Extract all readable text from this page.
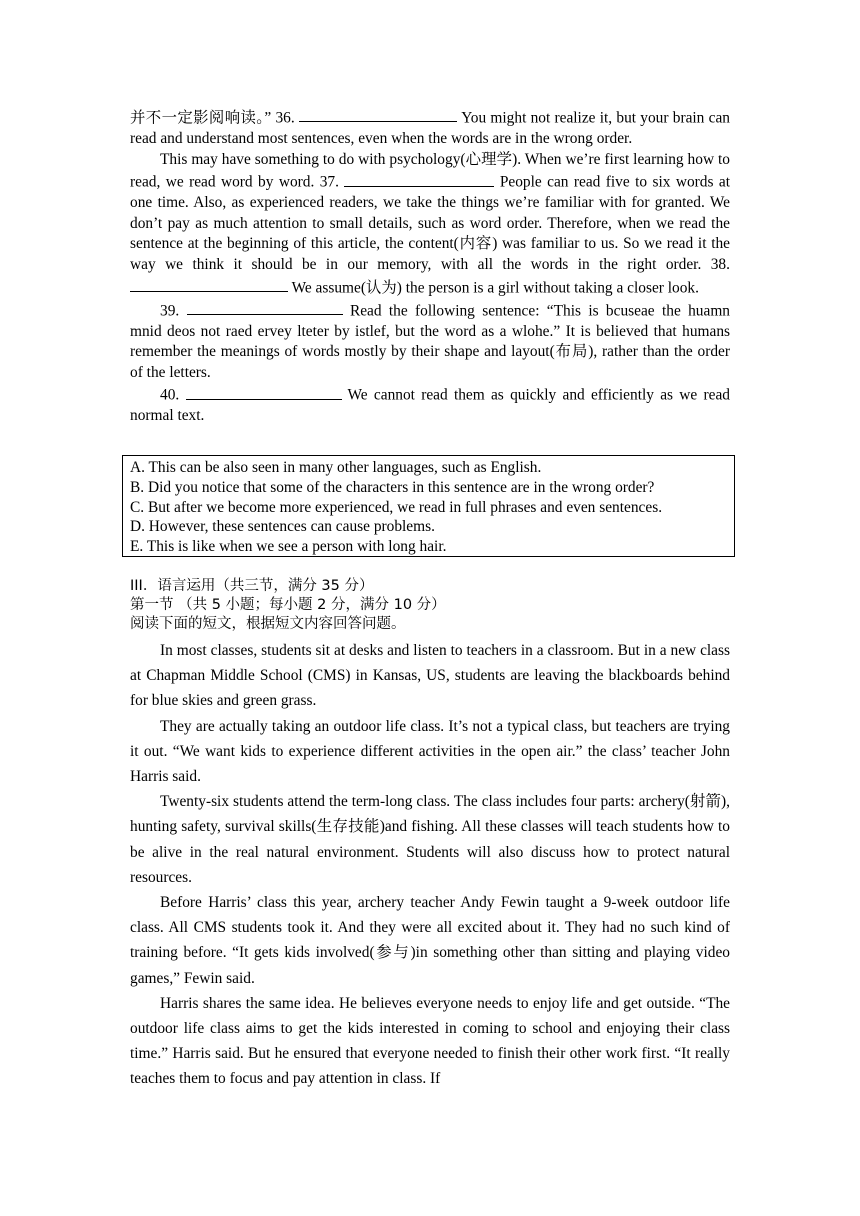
并不一定影阅响读。” 36.	You might not realize it, but your brain can read and understand most sentences, even when the words are in the wrong order.

This may have something to do with psychology(心理学). When we’re first learning how to read, we read word by word. 37.	People can read five to six words at one time. Also, as experienced readers, we take the things we’re familiar with for granted. We don’t pay as much attention to small details, such as word order. Therefore, when we read the sentence at the beginning of this article, the content(内容) was familiar to us. So we read it the way we think it should be in our memory, with all the words in the right order. 38.  We assume(认为) the person is a girl without taking a closer look.

39.	Read the following sentence: “This is bcuseae the huamn mnid deos not raed ervey lteter by istlef, but the word as a wlohe.” It is believed that humans remember the meanings of words mostly by their shape and layout(布局), rather than the order of the letters.

40.	We cannot read them as quickly and efficiently as we read normal text.

A. This can be also seen in many other languages, such as English.
B. Did you notice that some of the characters in this sentence are in the wrong order?
C. But after we become more experienced, we read in full phrases and even sentences.
D. However, these sentences can cause problems.
E. This is like when we see a person with long hair.
III．语言运用（共三节，满分 35 分）
第一节 （共 5 小题；每小题 2 分，满分 10 分）
阅读下面的短文，根据短文内容回答问题。

In most classes, students sit at desks and listen to teachers in a classroom. But in a new class at Chapman Middle School (CMS) in Kansas, US, students are leaving the blackboards behind for blue skies and green grass.

They are actually taking an outdoor life class. It’s not a typical class, but teachers are trying it out. “We want kids to experience different activities in the open air.” the class’ teacher John Harris said.

Twenty-six students attend the term-long class. The class includes four parts: archery(射箭), hunting safety, survival skills(生存技能)and fishing. All these classes will teach students how to be alive in the real natural environment. Students will also discuss how to protect natural resources.

Before Harris’ class this year, archery teacher Andy Fewin taught a 9-week outdoor life class. All CMS students took it. And they were all excited about it. They had no such kind of training before. “It gets kids involved(参与)in something other than sitting and playing video games,” Fewin said.

Harris shares the same idea. He believes everyone needs to enjoy life and get outside. “The outdoor life class aims to get the kids interested in coming to school and enjoying their class time.” Harris said. But he ensured that everyone needed to finish their other work first. “It really teaches them to focus and pay attention in class. If
